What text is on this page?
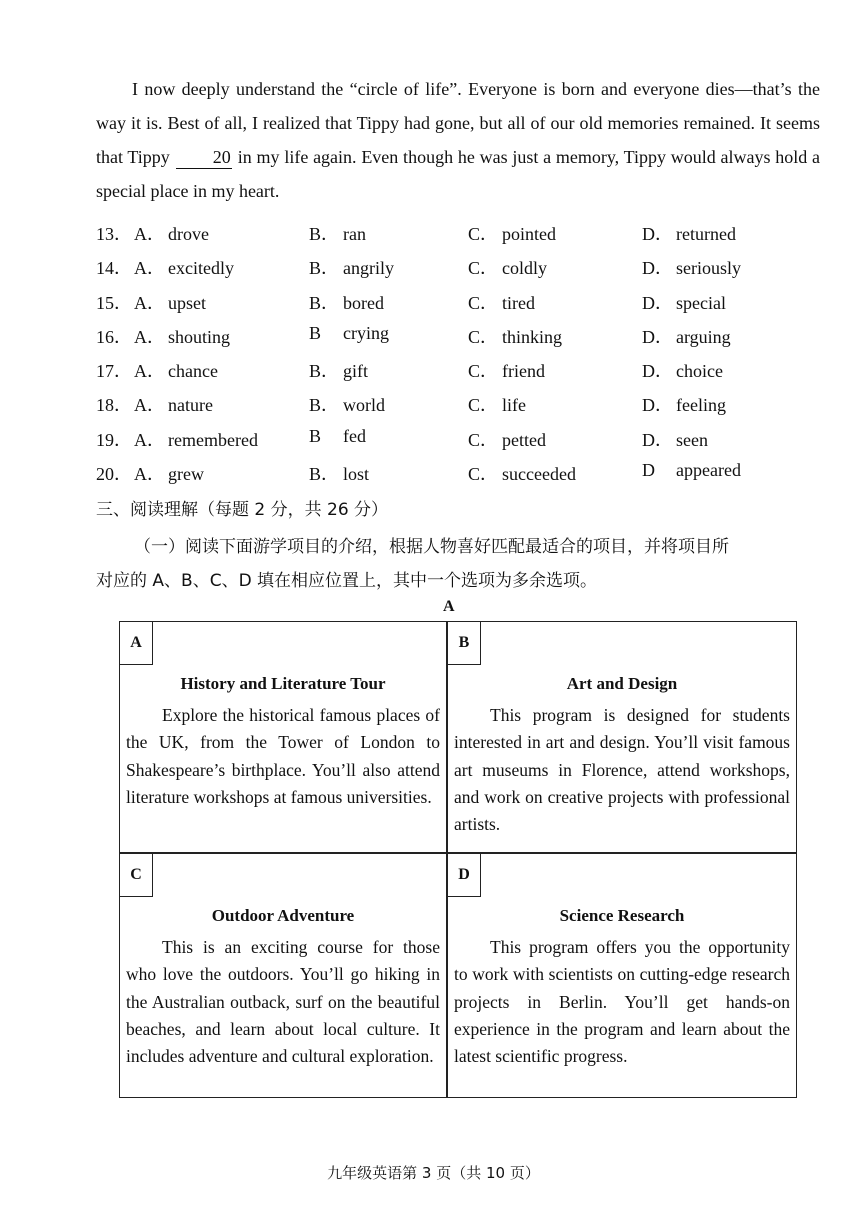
I now deeply understand the “circle of life”. Everyone is born and everyone dies—that’s the way it is. Best of all, I realized that Tippy had gone, but all of our old memories remained. It seems that Tippy 20 in my life again. Even though he was just a memory, Tippy would always hold a special place in my heart.

13． A． drove	B． ran	C． pointed	D． returned
14． A． excitedly	B． angrily	C． coldly	D． seriously
15． A． upset	B． bored	C． tired	D． special
16． A． shouting	B crying	C． thinking	D． arguing
17． A． chance	B． gift	C． friend	D． choice
18． A． nature	B． world	C． life	D． feeling
19． A． remembered	B fed	C． petted	D． seen
20． A． grew	B． lost	C． succeeded	D appeared
三、阅读理解（每题 2 分，共 26 分）

（一）阅读下面游学项目的介绍，根据人物喜好匹配最适合的项目，并将项目所

对应的 A、B、C、D 填在相应位置上，其中一个选项为多余选项。

A
A
History and Literature Tour
Explore the historical famous places of the UK, from the Tower of London to Shakespeare’s birthplace. You’ll also attend literature workshops at famous universities.
B
Art and Design
This program is designed for students interested in art and design. You’ll visit famous art museums in Florence, attend workshops, and work on creative projects with professional artists.
C
Outdoor Adventure
This is an exciting course for those who love the outdoors. You’ll go hiking in the Australian outback, surf on the beautiful beaches, and learn about local culture. It includes adventure and cultural exploration.
D
Science Research
This program offers you the opportunity to work with scientists on cutting-edge research projects in Berlin. You’ll get hands-on experience in the program and learn about the latest scientific progress.
九年级英语第 3 页（共 10 页）
